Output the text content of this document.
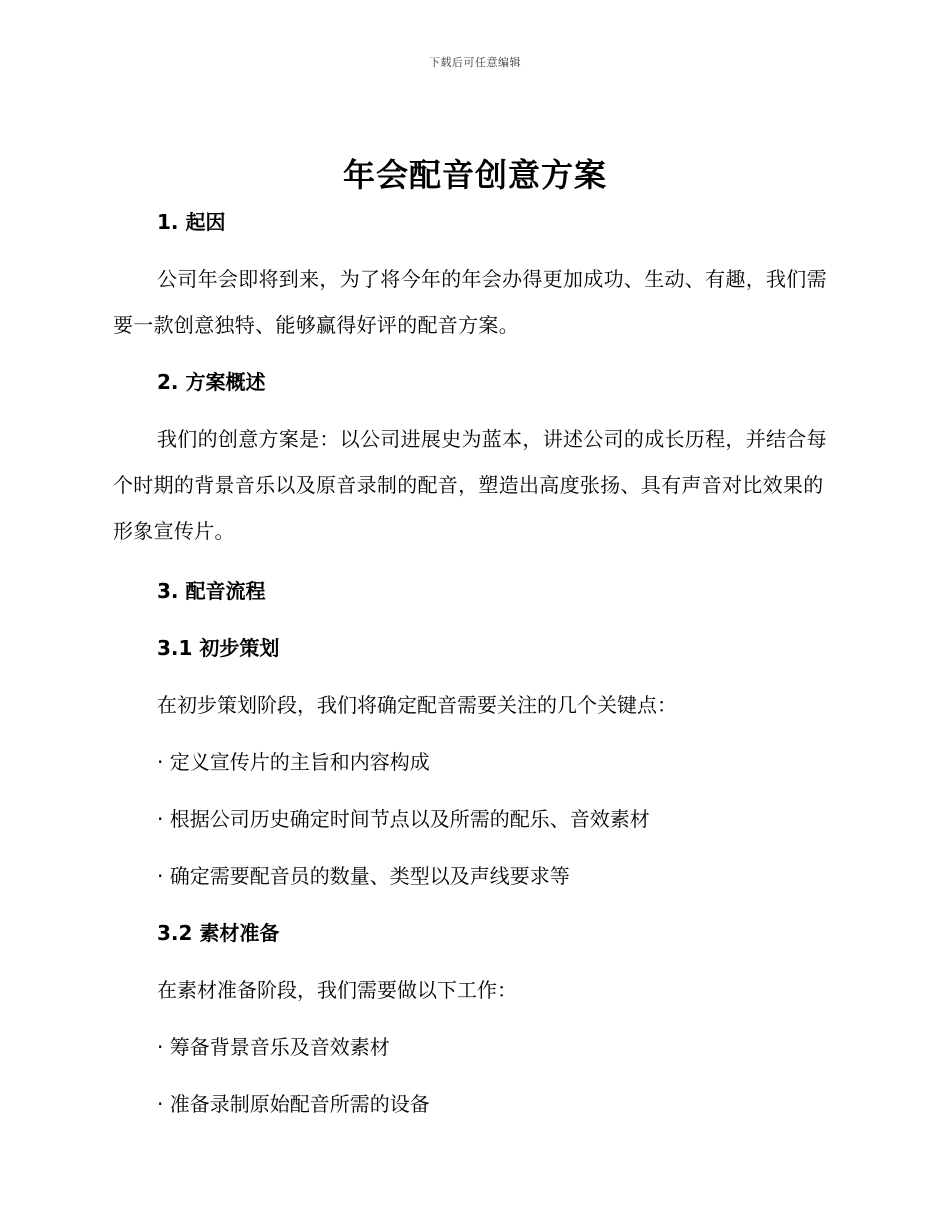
下载后可任意编辑
年会配音创意方案
1. 起因

公司年会即将到来，为了将今年的年会办得更加成功、生动、有趣，我们需要一款创意独特、能够赢得好评的配音方案。

2. 方案概述

我们的创意方案是：以公司进展史为蓝本，讲述公司的成长历程，并结合每个时期的背景音乐以及原音录制的配音，塑造出高度张扬、具有声音对比效果的形象宣传片。

3. 配音流程
3.1 初步策划
在初步策划阶段，我们将确定配音需要关注的几个关键点：
· 定义宣传片的主旨和内容构成
· 根据公司历史确定时间节点以及所需的配乐、音效素材
· 确定需要配音员的数量、类型以及声线要求等
3.2 素材准备
在素材准备阶段，我们需要做以下工作：
· 筹备背景音乐及音效素材
· 准备录制原始配音所需的设备
